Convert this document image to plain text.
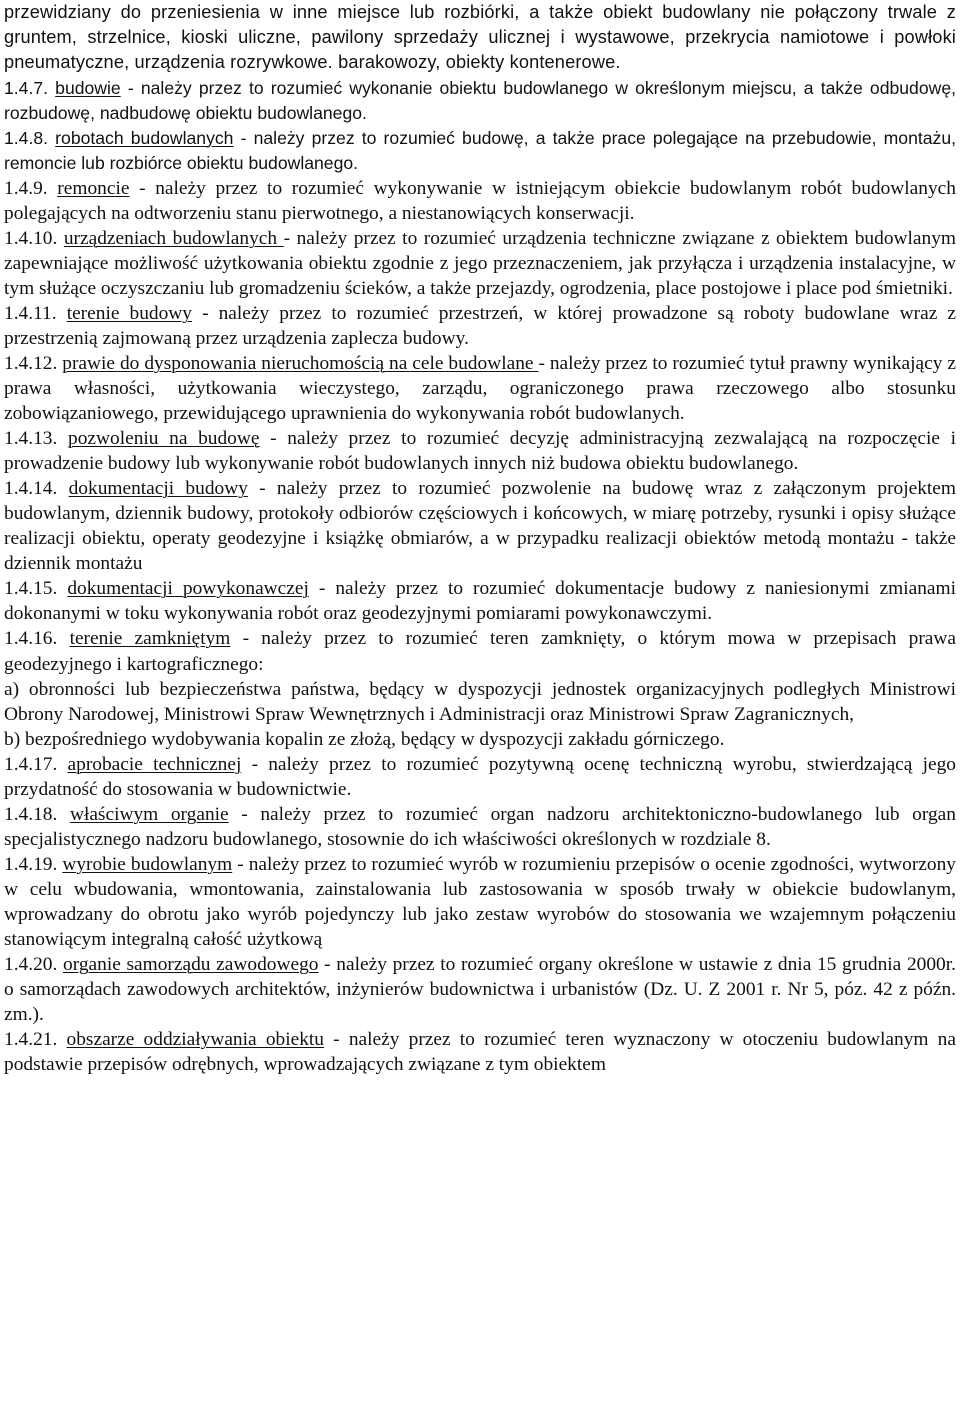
przewidziany do przeniesienia w inne miejsce lub rozbiórki, a także obiekt budowlany nie połączony trwale z gruntem, strzelnice, kioski uliczne, pawilony sprzedaży ulicznej i wystawowe, przekrycia namiotowe i powłoki pneumatyczne, urządzenia rozrywkowe. barakowozy, obiekty kontenerowe.

1.4.7. budowie - należy przez to rozumieć wykonanie obiektu budowlanego w określonym miejscu, a także odbudowę, rozbudowę, nadbudowę obiektu budowlanego.

1.4.8. robotach budowlanych - należy przez to rozumieć budowę, a także prace polegające na przebudowie, montażu, remoncie lub rozbiórce obiektu budowlanego.

1.4.9. remoncie - należy przez to rozumieć wykonywanie w istniejącym obiekcie budowlanym robót budowlanych polegających na odtworzeniu stanu pierwotnego, a niestanowiących konserwacji.

1.4.10. urządzeniach budowlanych - należy przez to rozumieć urządzenia techniczne związane z obiektem budowlanym zapewniające możliwość użytkowania obiektu zgodnie z jego przeznaczeniem, jak przyłącza i urządzenia instalacyjne, w tym służące oczyszczaniu lub gromadzeniu ścieków, a także przejazdy, ogrodzenia, place postojowe i place pod śmietniki.

1.4.11. terenie budowy - należy przez to rozumieć przestrzeń, w której prowadzone są roboty budowlane wraz z przestrzenią zajmowaną przez urządzenia zaplecza budowy.

1.4.12. prawie do dysponowania nieruchomością na cele budowlane - należy przez to rozumieć tytuł prawny wynikający z prawa własności, użytkowania wieczystego, zarządu, ograniczonego prawa rzeczowego albo stosunku zobowiązaniowego, przewidującego uprawnienia do wykonywania robót budowlanych.

1.4.13. pozwoleniu na budowę - należy przez to rozumieć decyzję administracyjną zezwalającą na rozpoczęcie i prowadzenie budowy lub wykonywanie robót budowlanych innych niż budowa obiektu budowlanego.

1.4.14. dokumentacji budowy - należy przez to rozumieć pozwolenie na budowę wraz z załączonym projektem budowlanym, dziennik budowy, protokoły odbiorów częściowych i końcowych, w miarę potrzeby, rysunki i opisy służące realizacji obiektu, operaty geodezyjne i książkę obmiarów, a w przypadku realizacji obiektów metodą montażu - także dziennik montażu

1.4.15. dokumentacji powykonawczej - należy przez to rozumieć dokumentacje budowy z naniesionymi zmianami dokonanymi w toku wykonywania robót oraz geodezyjnymi pomiarami powykonawczymi.

1.4.16. terenie zamkniętym - należy przez to rozumieć teren zamknięty, o którym mowa w przepisach prawa geodezyjnego i kartograficznego:

a) obronności lub bezpieczeństwa państwa, będący w dyspozycji jednostek organizacyjnych podległych Ministrowi Obrony Narodowej, Ministrowi Spraw Wewnętrznych i Administracji oraz Ministrowi Spraw Zagranicznych,

b) bezpośredniego wydobywania kopalin ze złożą, będący w dyspozycji zakładu górniczego.

1.4.17. aprobacie technicznej - należy przez to rozumieć pozytywną ocenę techniczną wyrobu, stwierdzającą jego przydatność do stosowania w budownictwie.

1.4.18. właściwym organie - należy przez to rozumieć organ nadzoru architektoniczno-budowlanego lub organ specjalistycznego nadzoru budowlanego, stosownie do ich właściwości określonych w rozdziale 8.

1.4.19. wyrobie budowlanym - należy przez to rozumieć wyrób w rozumieniu przepisów o ocenie zgodności, wytworzony w celu wbudowania, wmontowania, zainstalowania lub zastosowania w sposób trwały w obiekcie budowlanym, wprowadzany do obrotu jako wyrób pojedynczy lub jako zestaw wyrobów do stosowania we wzajemnym połączeniu stanowiącym integralną całość użytkową

1.4.20. organie samorządu zawodowego - należy przez to rozumieć organy określone w ustawie z dnia 15 grudnia 2000r. o samorządach zawodowych architektów, inżynierów budownictwa i urbanistów (Dz. U. Z 2001 r. Nr 5, póz. 42 z późn. zm.).

1.4.21. obszarze oddziaływania obiektu - należy przez to rozumieć teren wyznaczony w otoczeniu budowlanym na podstawie przepisów odrębnych, wprowadzających związane z tym obiektem
